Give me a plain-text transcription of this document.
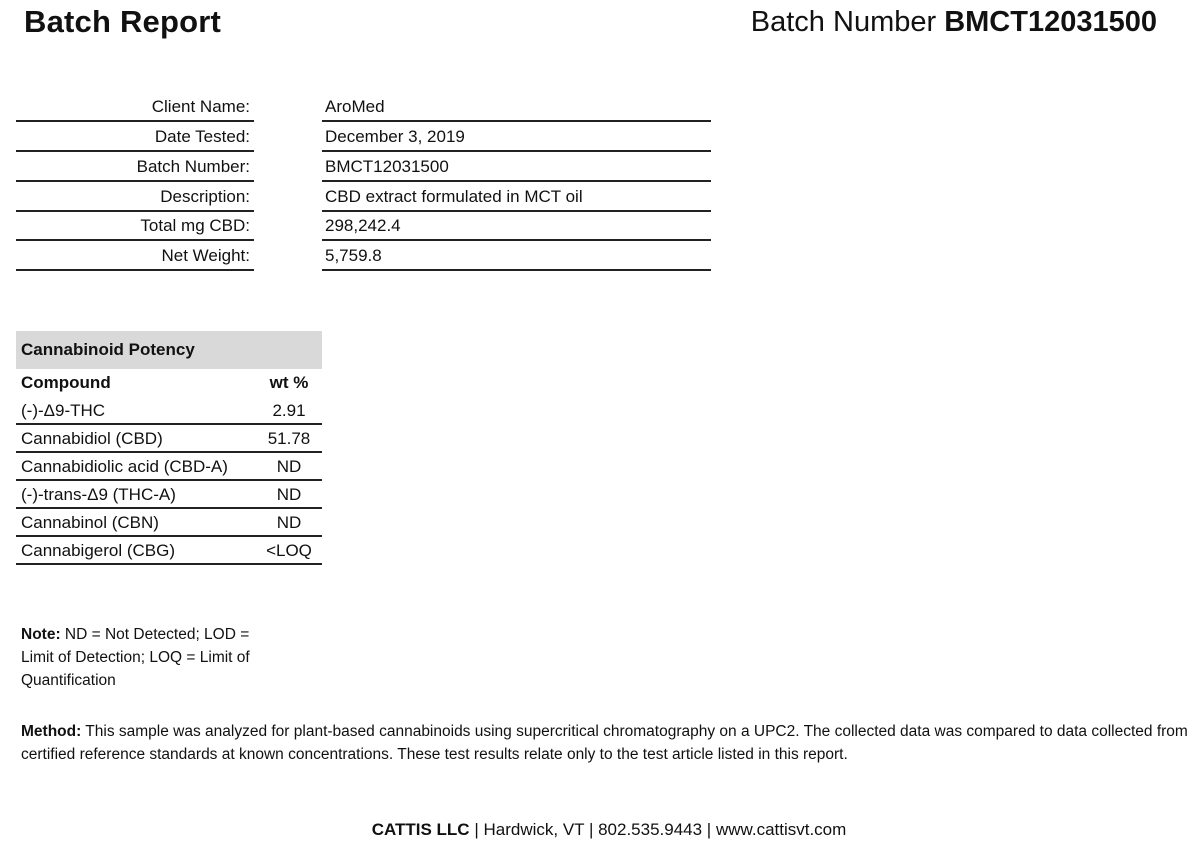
Batch Report	Batch Number BMCT12031500
Client Name:	AroMed
Date Tested:	December 3, 2019
Batch Number:	BMCT12031500
Description:	CBD extract formulated in MCT oil
Total mg CBD:	298,242.4
Net Weight:	5,759.8
Cannabinoid Potency
Compound	wt %
(-)-Δ9-THC	2.91
Cannabidiol (CBD)	51.78
Cannabidiolic acid (CBD-A)	ND
(-)-trans-Δ9 (THC-A)	ND
Cannabinol (CBN)	ND
Cannabigerol (CBG)	<LOQ
Note: ND = Not Detected; LOD = Limit of Detection; LOQ = Limit of Quantification
Method: This sample was analyzed for plant-based cannabinoids using supercritical chromatography on a UPC2. The collected data was compared to data collected from certified reference standards at known concentrations. These test results relate only to the test article listed in this report.
CATTIS LLC | Hardwick, VT | 802.535.9443 | www.cattisvt.com
